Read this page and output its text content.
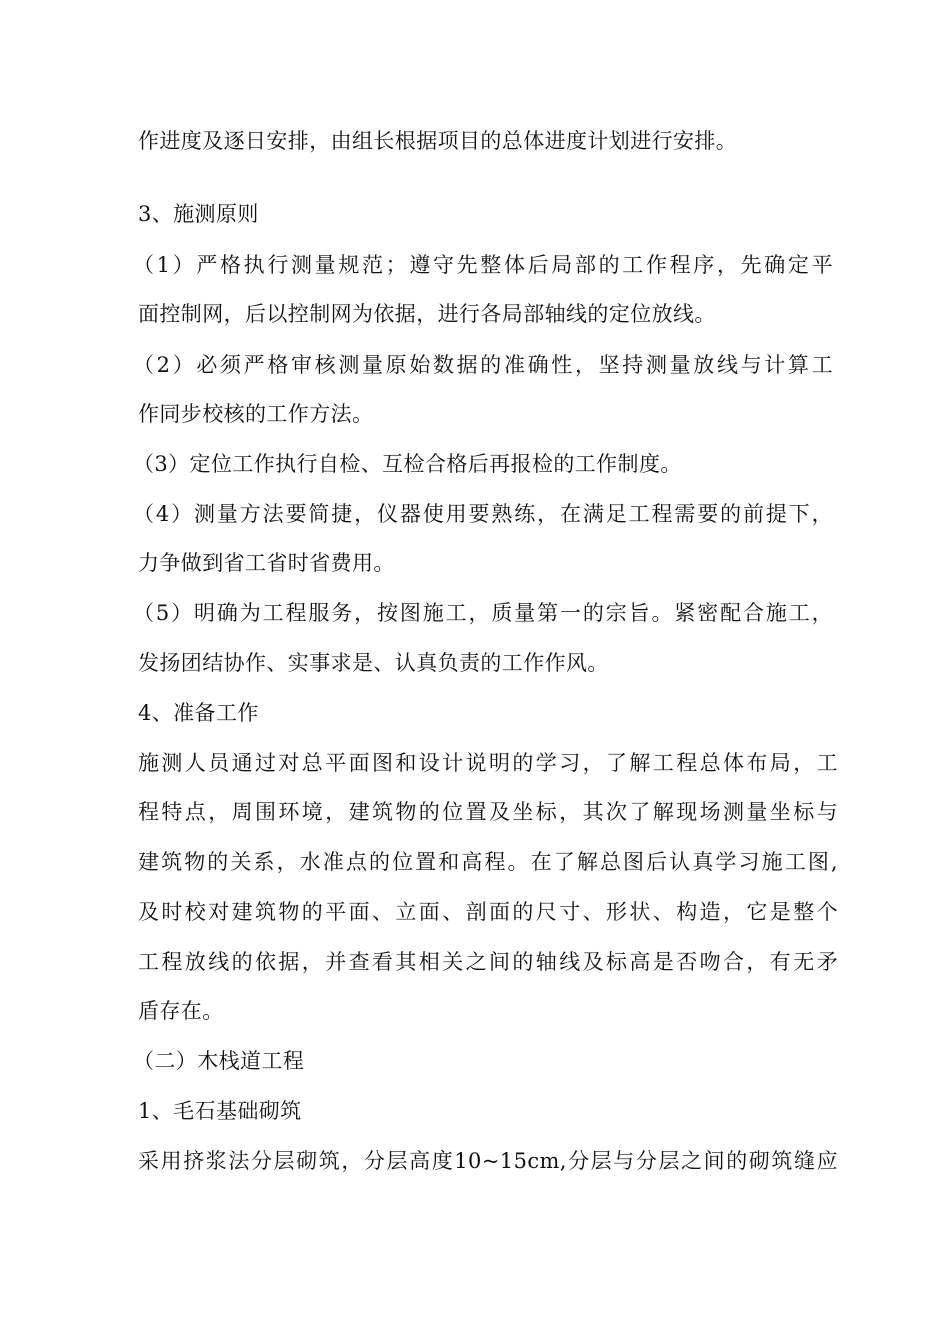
作进度及逐日安排，由组长根据项目的总体进度计划进行安排。
3、施测原则
（1）严格执行测量规范；遵守先整体后局部的工作程序，先确定平
面控制网，后以控制网为依据，进行各局部轴线的定位放线。
（2）必须严格审核测量原始数据的准确性，坚持测量放线与计算工
作同步校核的工作方法。
（3）定位工作执行自检、互检合格后再报检的工作制度。
（4）测量方法要简捷，仪器使用要熟练，在满足工程需要的前提下，
力争做到省工省时省费用。
（5）明确为工程服务，按图施工，质量第一的宗旨。紧密配合施工，
发扬团结协作、实事求是、认真负责的工作作风。
4、准备工作
施测人员通过对总平面图和设计说明的学习，了解工程总体布局，工
程特点，周围环境，建筑物的位置及坐标，其次了解现场测量坐标与
建筑物的关系，水准点的位置和高程。在了解总图后认真学习施工图,
及时校对建筑物的平面、立面、剖面的尺寸、形状、构造，它是整个
工程放线的依据，并查看其相关之间的轴线及标高是否吻合，有无矛
盾存在。
（二）木栈道工程
1、毛石基础砌筑
采用挤浆法分层砌筑，分层高度10~15cm,分层与分层之间的砌筑缝应
